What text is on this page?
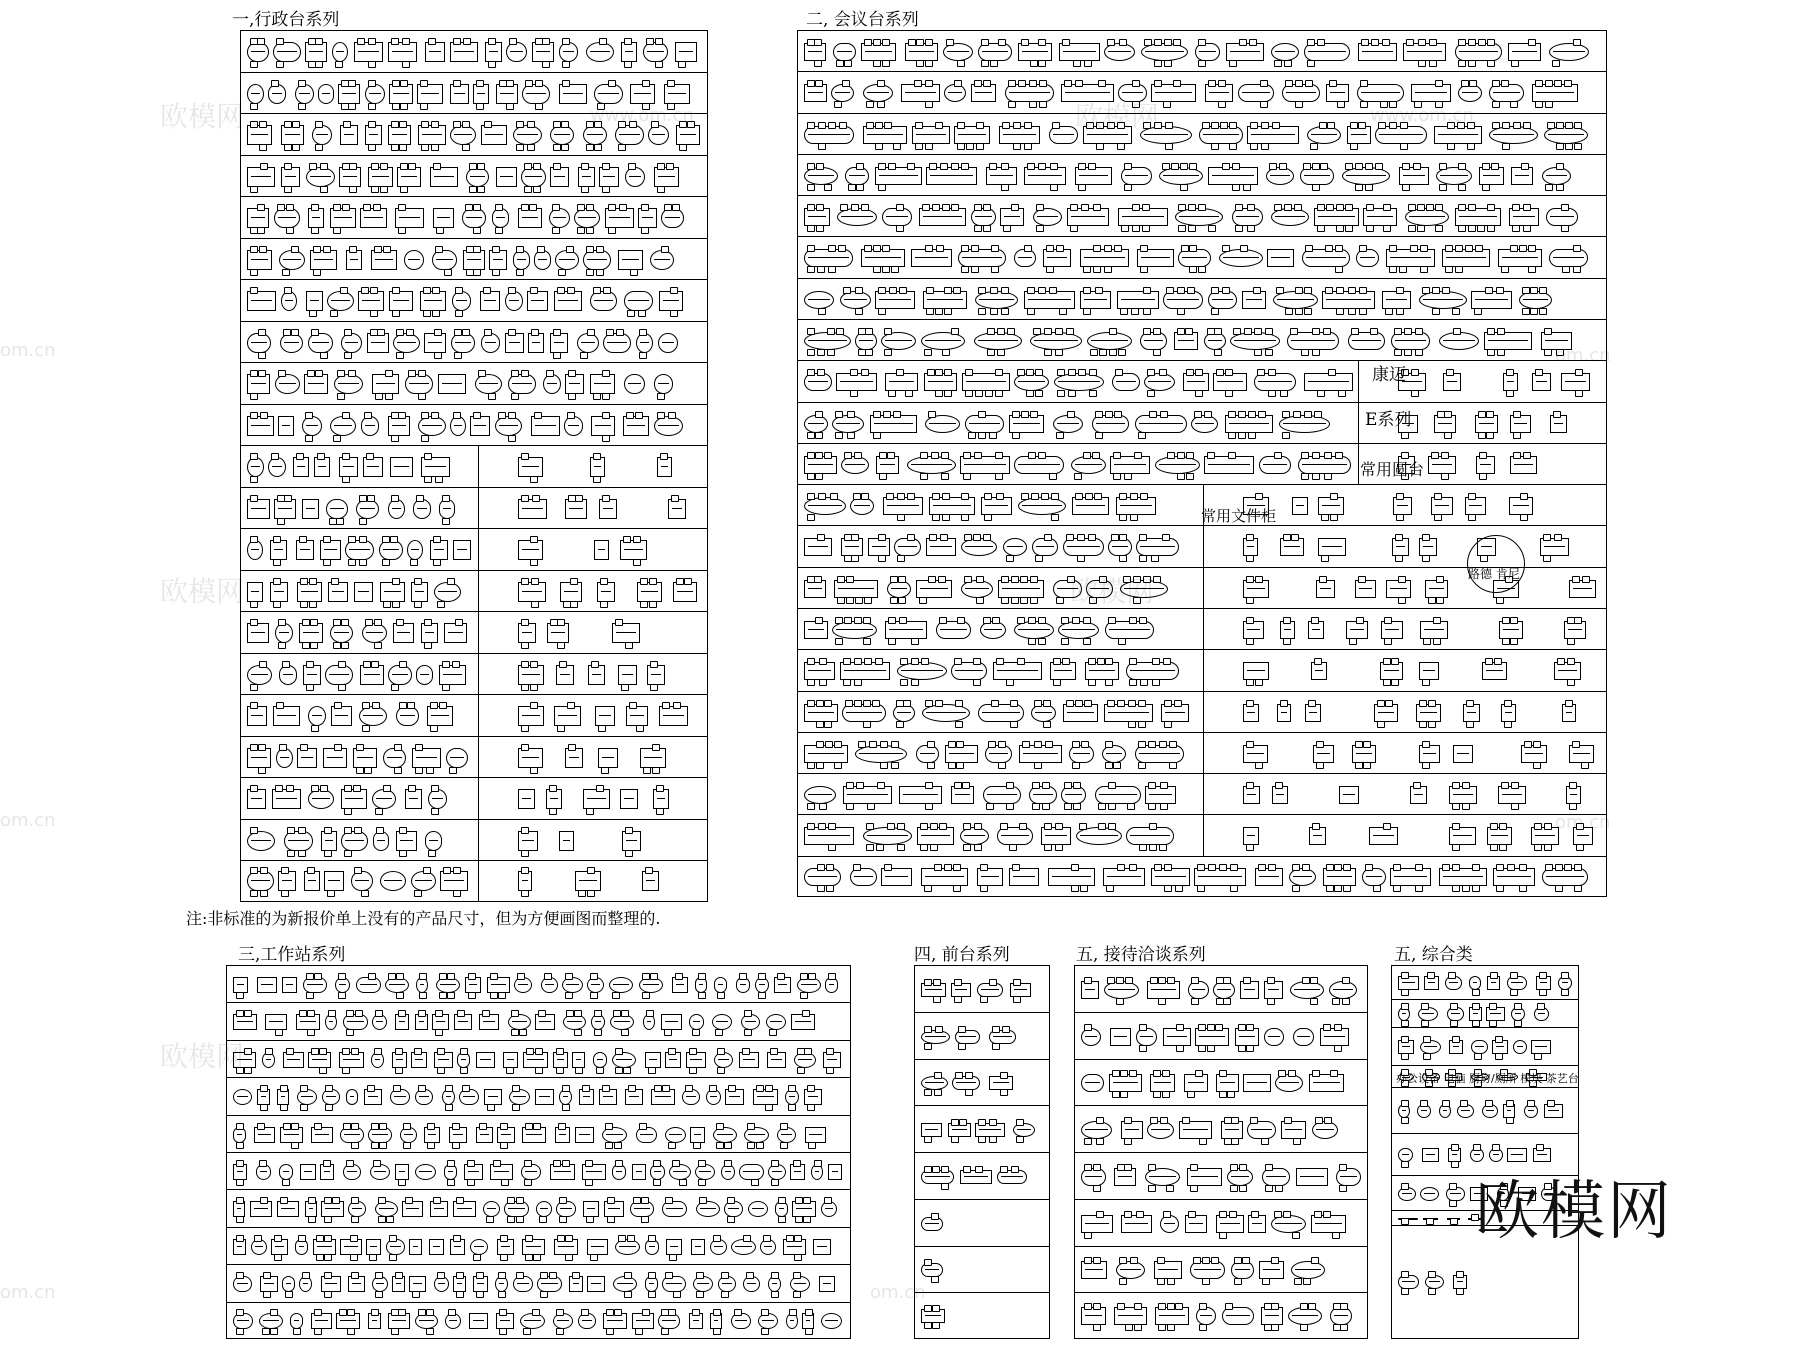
一,行政台系列	二, 会议台系列
三,工作站系列	四, 前台系列	五, 接待洽谈系列	五, 综合类
注:非标准的为新报价单上没有的产品尺寸，但为方便画图而整理的.
康迈
E系列
常用圆台
常用文件柜
路德 肯尼
办公设备 电脑 厨房/厕所 模块 茶艺台
欧模网
欧模网	www.om.cn	欧模网	www.om.cn
om.cn	om.cn
欧模网
om.cn
欧模网
om.cn	om.cn
